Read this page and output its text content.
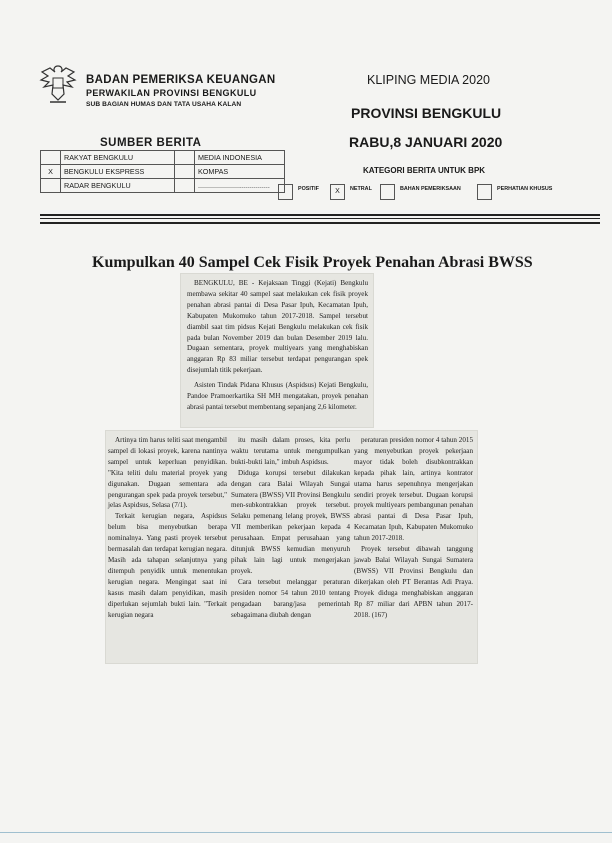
BADAN PEMERIKSA KEUANGAN
PERWAKILAN PROVINSI BENGKULU
SUB BAGIAN HUMAS DAN TATA USAHA KALAN
KLIPING MEDIA 2020
PROVINSI BENGKULU
RABU,8 JANUARI 2020
SUMBER BERITA
	RAKYAT BENGKULU		MEDIA INDONESIA
X	BENGKULU EKSPRESS		KOMPAS
	RADAR BENGKULU		....................................
KATEGORI BERITA UNTUK BPK
POSITIF	X	NETRAL	BAHAN PEMERIKSAAN	PERHATIAN KHUSUS
Kumpulkan 40 Sampel Cek Fisik Proyek Penahan Abrasi BWSS

BENGKULU, BE - Kejaksaan Tinggi (Kejati) Bengkulu membawa sekitar 40 sampel saat melakukan cek fisik proyek penahan abrasi pantai di Desa Pasar Ipuh, Kecamatan Ipuh, Kabupaten Mukomuko tahun 2017-2018. Sampel tersebut diambil saat tim pidsus Kejati Bengkulu melakukan cek fisik pada bulan November 2019 dan bulan Desember 2019 lalu. Dugaan sementara, proyek multiyears yang menghabiskan anggaran Rp 83 miliar tersebut terdapat pengurangan spek disejumlah titik pekerjaan.

Asisten Tindak Pidana Khusus (Aspidsus) Kejati Bengkulu, Pandoe Pramoerkartika SH MH mengatakan, proyek penahan abrasi pantai tersebut membentang sepanjang 2,6 kilometer.

Artinya tim harus teliti saat mengambil sampel di lokasi proyek, karena nantinya sampel untuk keperluan penyidikan. "Kita teliti dulu material proyek yang digunakan. Dugaan sementara ada pengurangan spek pada proyek tersebut," jelas Aspidsus, Selasa (7/1).

Terkait kerugian negara, Aspidsus belum bisa menyebutkan berapa nominalnya. Yang pasti proyek tersebut bermasalah dan terdapat kerugian negara. Masih ada tahapan selanjutnya yang ditempuh penyidik untuk menentukan kerugian negara. Mengingat saat ini kasus masih dalam penyidikan, masih diperlukan sejumlah bukti lain. "Terkait kerugian negara

itu masih dalam proses, kita perlu waktu terutama untuk mengumpulkan bukti-bukti lain," imbuh Aspidsus.

Diduga korupsi tersebut dilakukan dengan cara Balai Wilayah Sungai Sumatera (BWSS) VII Provinsi Bengkulu men-subkontrakkan proyek tersebut. Selaku pemenang lelang proyek, BWSS VII memberikan pekerjaan kepada 4 perusahaan. Empat perusahaan yang ditunjuk BWSS kemudian menyuruh pihak lain lagi untuk mengerjakan proyek.

Cara tersebut melanggar peraturan presiden nomor 54 tahun 2010 tentang pengadaan barang/jasa pemerintah sebagaimana diubah dengan

peraturan presiden nomor 4 tahun 2015 yang menyebutkan proyek pekerjaan mayor tidak boleh disubkontrakkan kepada pihak lain, artinya kontrator utama harus sepenuhnya mengerjakan sendiri proyek tersebut. Dugaan korupsi proyek multiyears pembangunan penahan abrasi pantai di Desa Pasar Ipuh, Kecamatan Ipuh, Kabupaten Mukomuko tahun 2017-2018.

Proyek tersebut dibawah tanggung jawab Balai Wilayah Sungai Sumatera (BWSS) VII Provinsi Bengkulu dan dikerjakan oleh PT Berantas Adi Praya. Proyek diduga menghabiskan anggaran Rp 87 miliar dari APBN tahun 2017-2018. (167)
